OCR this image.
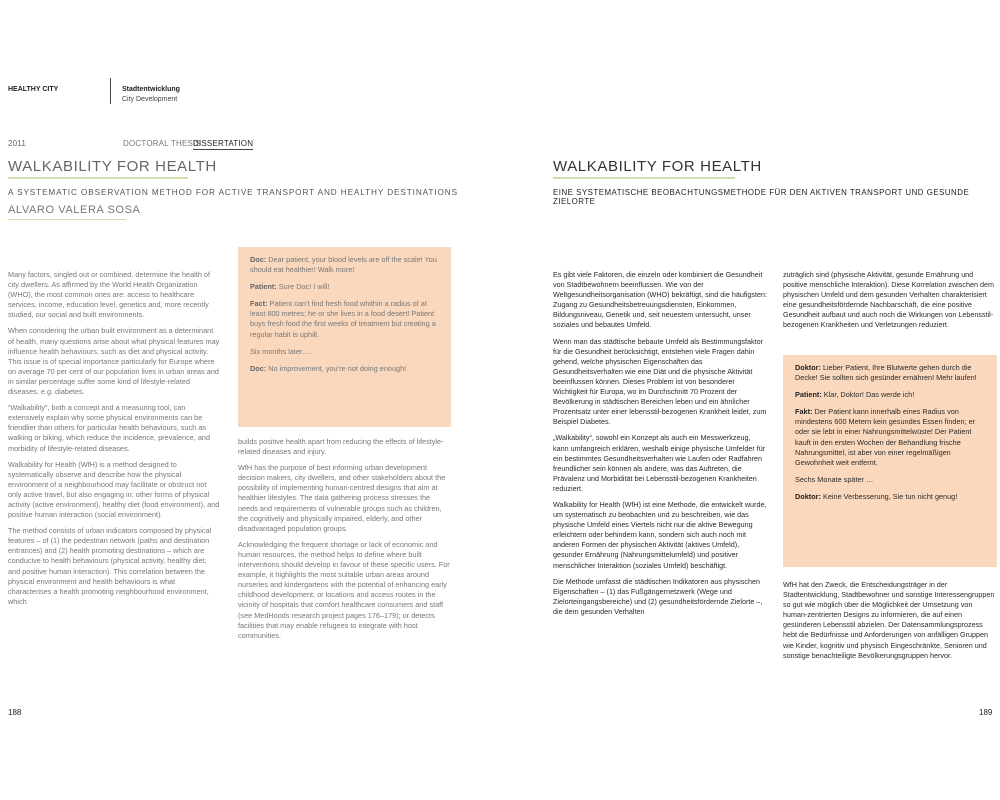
HEALTHY CITY	Stadtentwicklung
City Development
2011	DOCTORAL THESIS
DISSERTATION
WALKABILITY FOR HEALTH
A SYSTEMATIC OBSERVATION METHOD FOR ACTIVE TRANSPORT AND HEALTHY DESTINATIONS
ALVARO VALERA SOSA
WALKABILITY FOR HEALTH
EINE SYSTEMATISCHE BEOBACHTUNGSMETHODE FÜR DEN AKTIVEN TRANSPORT UND GESUNDE ZIELORTE

Many factors, singled out or combined, determine the health of city dwellers. As affirmed by the World Health Organization (WHO), the most common ones are: access to healthcare services, income, education level, genetics and, more recently studied, our social and built environments.

When considering the urban built environment as a determinant of health, many questions arise about what physical features may influence health behaviours, such as diet and physical activity. This issue is of special importance particularly for Europe where on average 70 per cent of our population lives in urban areas and in similar percentage suffer some kind of lifestyle-related diseases, e.g. diabetes.

“Walkability”, both a concept and a measuring tool, can extensively explain why some physical environments can be friendlier than others for particular health behaviours, such as walking or biking, which reduce the incidence, prevalence, and morbidity of lifestyle-related diseases.

Walkability for Health (WfH) is a method designed to systematically observe and describe how the physical environment of a neighbourhood may facilitate or obstruct not only active travel, but also engaging in: other forms of physical activity (active environment), healthy diet (food environment), and positive human interaction (social environment).

The method consists of urban indicators composed by physical features – of (1) the pedestrian network (paths and destination entrances) and (2) health promoting destinations – which are conducive to health behaviours (physical activity, healthy diet, and positive human interaction). This correlation between the physical environment and health behaviours is what characterises a health promoting neighbourhood environment, which

Doc: Dear patient, your blood levels are off the scale! You should eat healthier! Walk more!

Patient: Sure Doc! I will!

Fact: Patient can’t find fresh food whithin a radius of at least 600 metres; he or she lives in a food desert! Patient buys fresh food the first weeks of treatment but creating a regular habit is uphill.

Six months later….

Doc: No improvement, you’re not doing enough!

builds positive health apart from reducing the effects of lifestyle-related diseases and injury.

WfH has the purpose of best informing urban development decision makers, city dwellers, and other stakeholders about the possibility of implementing human-centred designs that aim at healthier lifestyles. The data gathering process stresses the needs and requirements of vulnerable groups such as children, the cognitively and physically impaired, elderly, and other disadvantaged population groups.

Acknowledging the frequent shortage or lack of economic and human resources, the method helps to define where built interventions should develop in favour of these specific users. For example, it highlights the most suitable urban areas around nurseries and kindergartens with the potential of enhancing early childhood development; or locations and access routes in the vicinity of hospitals that comfort healthcare consumers and staff (see MedHoods research project pages 176–179); or detects facilities that may enable refugees to integrate with host communities.

Es gibt viele Faktoren, die einzeln oder kombiniert die Gesundheit von Stadtbewohnern beeinflussen. Wie von der Weltgesundheitsorganisation (WHO) bekräftigt, sind die häufigsten: Zugang zu Gesundheitsbetreuungsdiensten, Einkommen, Bildungsniveau, Genetik und, seit neuestem untersucht, unser soziales und bebautes Umfeld.

Wenn man das städtische bebaute Umfeld als Bestimmungsfaktor für die Gesundheit berücksichtigt, entstehen viele Fragen dahin gehend, welche physischen Eigenschaften das Gesundheitsverhalten wie eine Diät und die physische Aktivität beeinflussen können. Dieses Problem ist von besonderer Wichtigkeit für Europa, wo im Durchschnitt 70 Prozent der Bevölkerung in städtischen Bereichen leben und ein ähnlicher Prozentsatz unter einer lebensstil-bezogenen Krankheit leidet, zum Beispiel Diabetes.

„Walkability“, sowohl ein Konzept als auch ein Messwerkzeug, kann umfangreich erklären, weshalb einige physische Umfelder für ein bestimmtes Gesundheitsverhalten wie Laufen oder Radfahren freundlicher sein können als andere, was das Auftreten, die Prävalenz und Morbidität bei Lebensstil-bezogenen Krankheiten reduziert.

Walkability for Health (WfH) ist eine Methode, die entwickelt wurde, um systematisch zu beobachten und zu beschreiben, wie das physische Umfeld eines Viertels nicht nur die aktive Bewegung erleichtern oder behindern kann, sondern sich auch noch mit anderen Formen der physischen Aktivität (aktives Umfeld), gesunder Ernährung (Nahrungsmittelumfeld) und positiver menschlicher Interaktion (soziales Umfeld) beschäftigt.

Die Methode umfasst die städtischen Indikatoren aus physischen Eigenschaften – (1) das Fußgängernetzwerk (Wege und Zielorteingangsbereiche) und (2) gesundheitsfördernde Zielorte –, die dem gesunden Verhalten

zuträglich sind (physische Aktivität, gesunde Ernährung und positive menschliche Interaktion). Diese Korrelation zwischen dem physischen Umfeld und dem gesunden Verhalten charakterisiert eine gesundheitsfördernde Nachbarschaft, die eine positive Gesundheit aufbaut und auch noch die Wirkungen von Lebensstil-bezogenen Krankheiten und Verletzungen reduziert.

Doktor: Lieber Patient, Ihre Blutwerte gehen durch die Decke! Sie sollten sich gesünder ernähren! Mehr laufen!

Patient: Klar, Doktor! Das werde ich!

Fakt: Der Patient kann innerhalb eines Radius von mindestens 600 Metern kein gesundes Essen finden; er oder sie lebt in einer Nahrungsmittelwüste! Der Patient kauft in den ersten Wochen der Behandlung frische Nahrungsmittel, ist aber von einer regelmäßigen Gewohnheit weit entfernt.

Sechs Monate später …

Doktor: Keine Verbesserung, Sie tun nicht genug!

WfH hat den Zweck, die Entscheidungsträger in der Stadtentwicklung, Stadtbewohner und sonstige Interessengruppen so gut wie möglich über die Möglichkeit der Umsetzung von human-zentrierten Designs zu informieren, die auf einen gesünderen Lebensstil abzielen. Der Datensammlungsprozess hebt die Bedürfnisse und Anforderungen von anfälligen Gruppen wie Kinder, kognitiv und physisch Eingeschränkte, Senioren und sonstige benachteiligte Bevölkerungsgruppen hervor.

188	189
